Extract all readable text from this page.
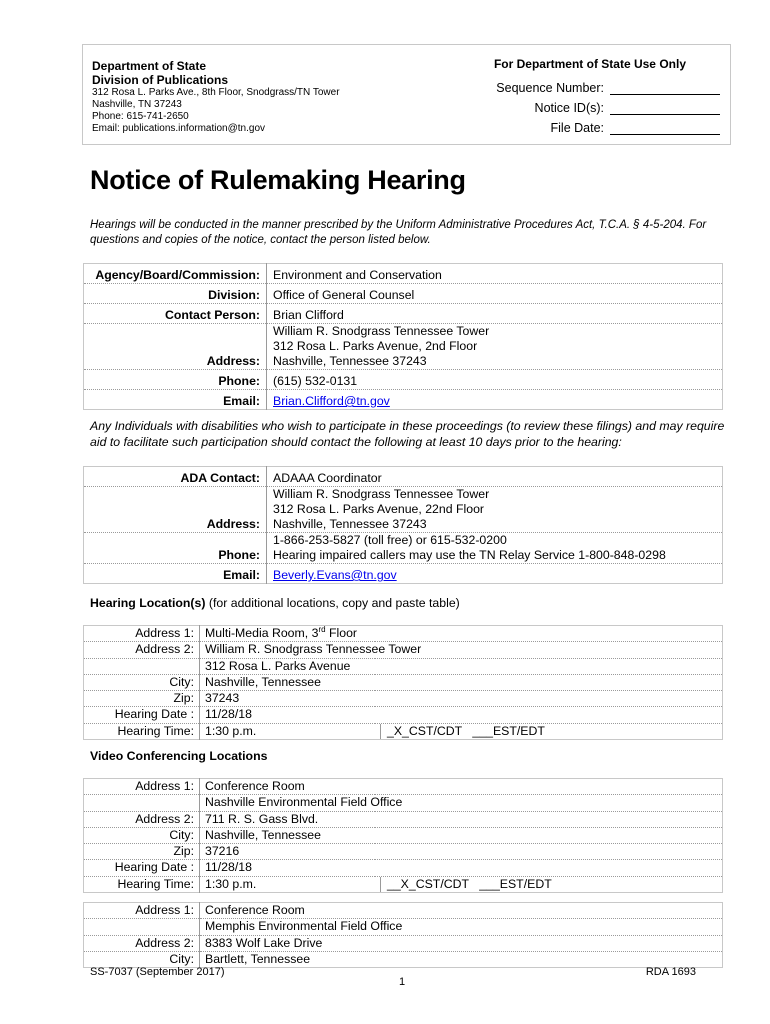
Department of State
Division of Publications
312 Rosa L. Parks Ave., 8th Floor, Snodgrass/TN Tower
Nashville, TN 37243
Phone: 615-741-2650
Email: publications.information@tn.gov
For Department of State Use Only
Sequence Number:
Notice ID(s):
File Date:
Notice of Rulemaking Hearing
Hearings will be conducted in the manner prescribed by the Uniform Administrative Procedures Act, T.C.A. § 4-5-204. For questions and copies of the notice, contact the person listed below.
Agency/Board/Commission:	Environment and Conservation
Division:	Office of General Counsel
Contact Person:	Brian Clifford
Address:	William R. Snodgrass Tennessee Tower
312 Rosa L. Parks Avenue, 2nd Floor
Nashville, Tennessee 37243

Phone:	(615) 532-0131
Email:	Brian.Clifford@tn.gov
Any Individuals with disabilities who wish to participate in these proceedings (to review these filings) and may require aid to facilitate such participation should contact the following at least 10 days prior to the hearing:
ADA Contact:	ADAAA Coordinator
Address:	William R. Snodgrass Tennessee Tower
312 Rosa L. Parks Avenue, 22nd Floor
Nashville, Tennessee 37243

Phone:	1-866-253-5827 (toll free) or 615-532-0200
Hearing impaired callers may use the TN Relay Service 1-800-848-0298

Email:	Beverly.Evans@tn.gov
Hearing Location(s) (for additional locations, copy and paste table)
Address 1:	Multi-Media Room, 3rd Floor	
Address 2:	William R. Snodgrass Tennessee Tower	
	312 Rosa L. Parks Avenue	
City:	Nashville, Tennessee	
Zip:	37243	
Hearing Date :	11/28/18	
Hearing Time:	1:30 p.m.	_X_CST/CDT ___EST/EDT
Video Conferencing Locations
Address 1:	Conference Room	
	Nashville Environmental Field Office	
Address 2:	711 R. S. Gass Blvd.	
City:	Nashville, Tennessee	
Zip:	37216	
Hearing Date :	11/28/18	
Hearing Time:	1:30 p.m.	__X_CST/CDT ___EST/EDT
Address 1:	Conference Room
	Memphis Environmental Field Office
Address 2:	8383 Wolf Lake Drive
City:	Bartlett, Tennessee
SS-7037 (September 2017)	RDA 1693
1
